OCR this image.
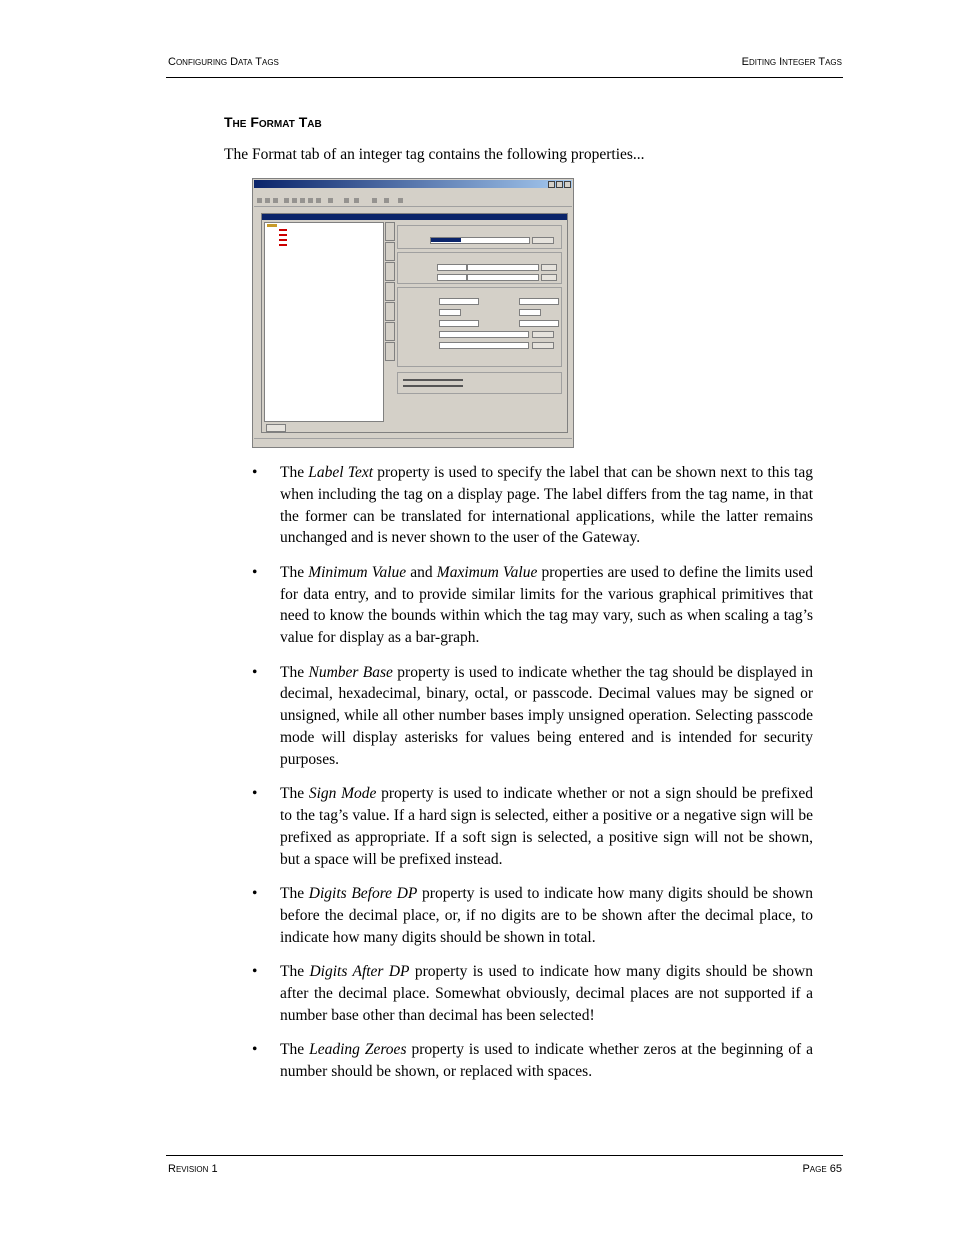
Configuring Data Tags	Editing Integer Tags
The Format Tab
The Format tab of an integer tag contains the following properties...
• The Label Text property is used to specify the label that can be shown next to this tag when including the tag on a display page. The label differs from the tag name, in that the former can be translated for international applications, while the latter remains unchanged and is never shown to the user of the Gateway.
• The Minimum Value and Maximum Value properties are used to define the limits used for data entry, and to provide similar limits for the various graphical primitives that need to know the bounds within which the tag may vary, such as when scaling a tag’s value for display as a bar-graph.
• The Number Base property is used to indicate whether the tag should be displayed in decimal, hexadecimal, binary, octal, or passcode. Decimal values may be signed or unsigned, while all other number bases imply unsigned operation. Selecting passcode mode will display asterisks for values being entered and is intended for security purposes.
• The Sign Mode property is used to indicate whether or not a sign should be prefixed to the tag’s value. If a hard sign is selected, either a positive or a negative sign will be prefixed as appropriate. If a soft sign is selected, a positive sign will not be shown, but a space will be prefixed instead.
• The Digits Before DP property is used to indicate how many digits should be shown before the decimal place, or, if no digits are to be shown after the decimal place, to indicate how many digits should be shown in total.
• The Digits After DP property is used to indicate how many digits should be shown after the decimal place. Somewhat obviously, decimal places are not supported if a number base other than decimal has been selected!
• The Leading Zeroes property is used to indicate whether zeros at the beginning of a number should be shown, or replaced with spaces.
Revision 1	Page 65
